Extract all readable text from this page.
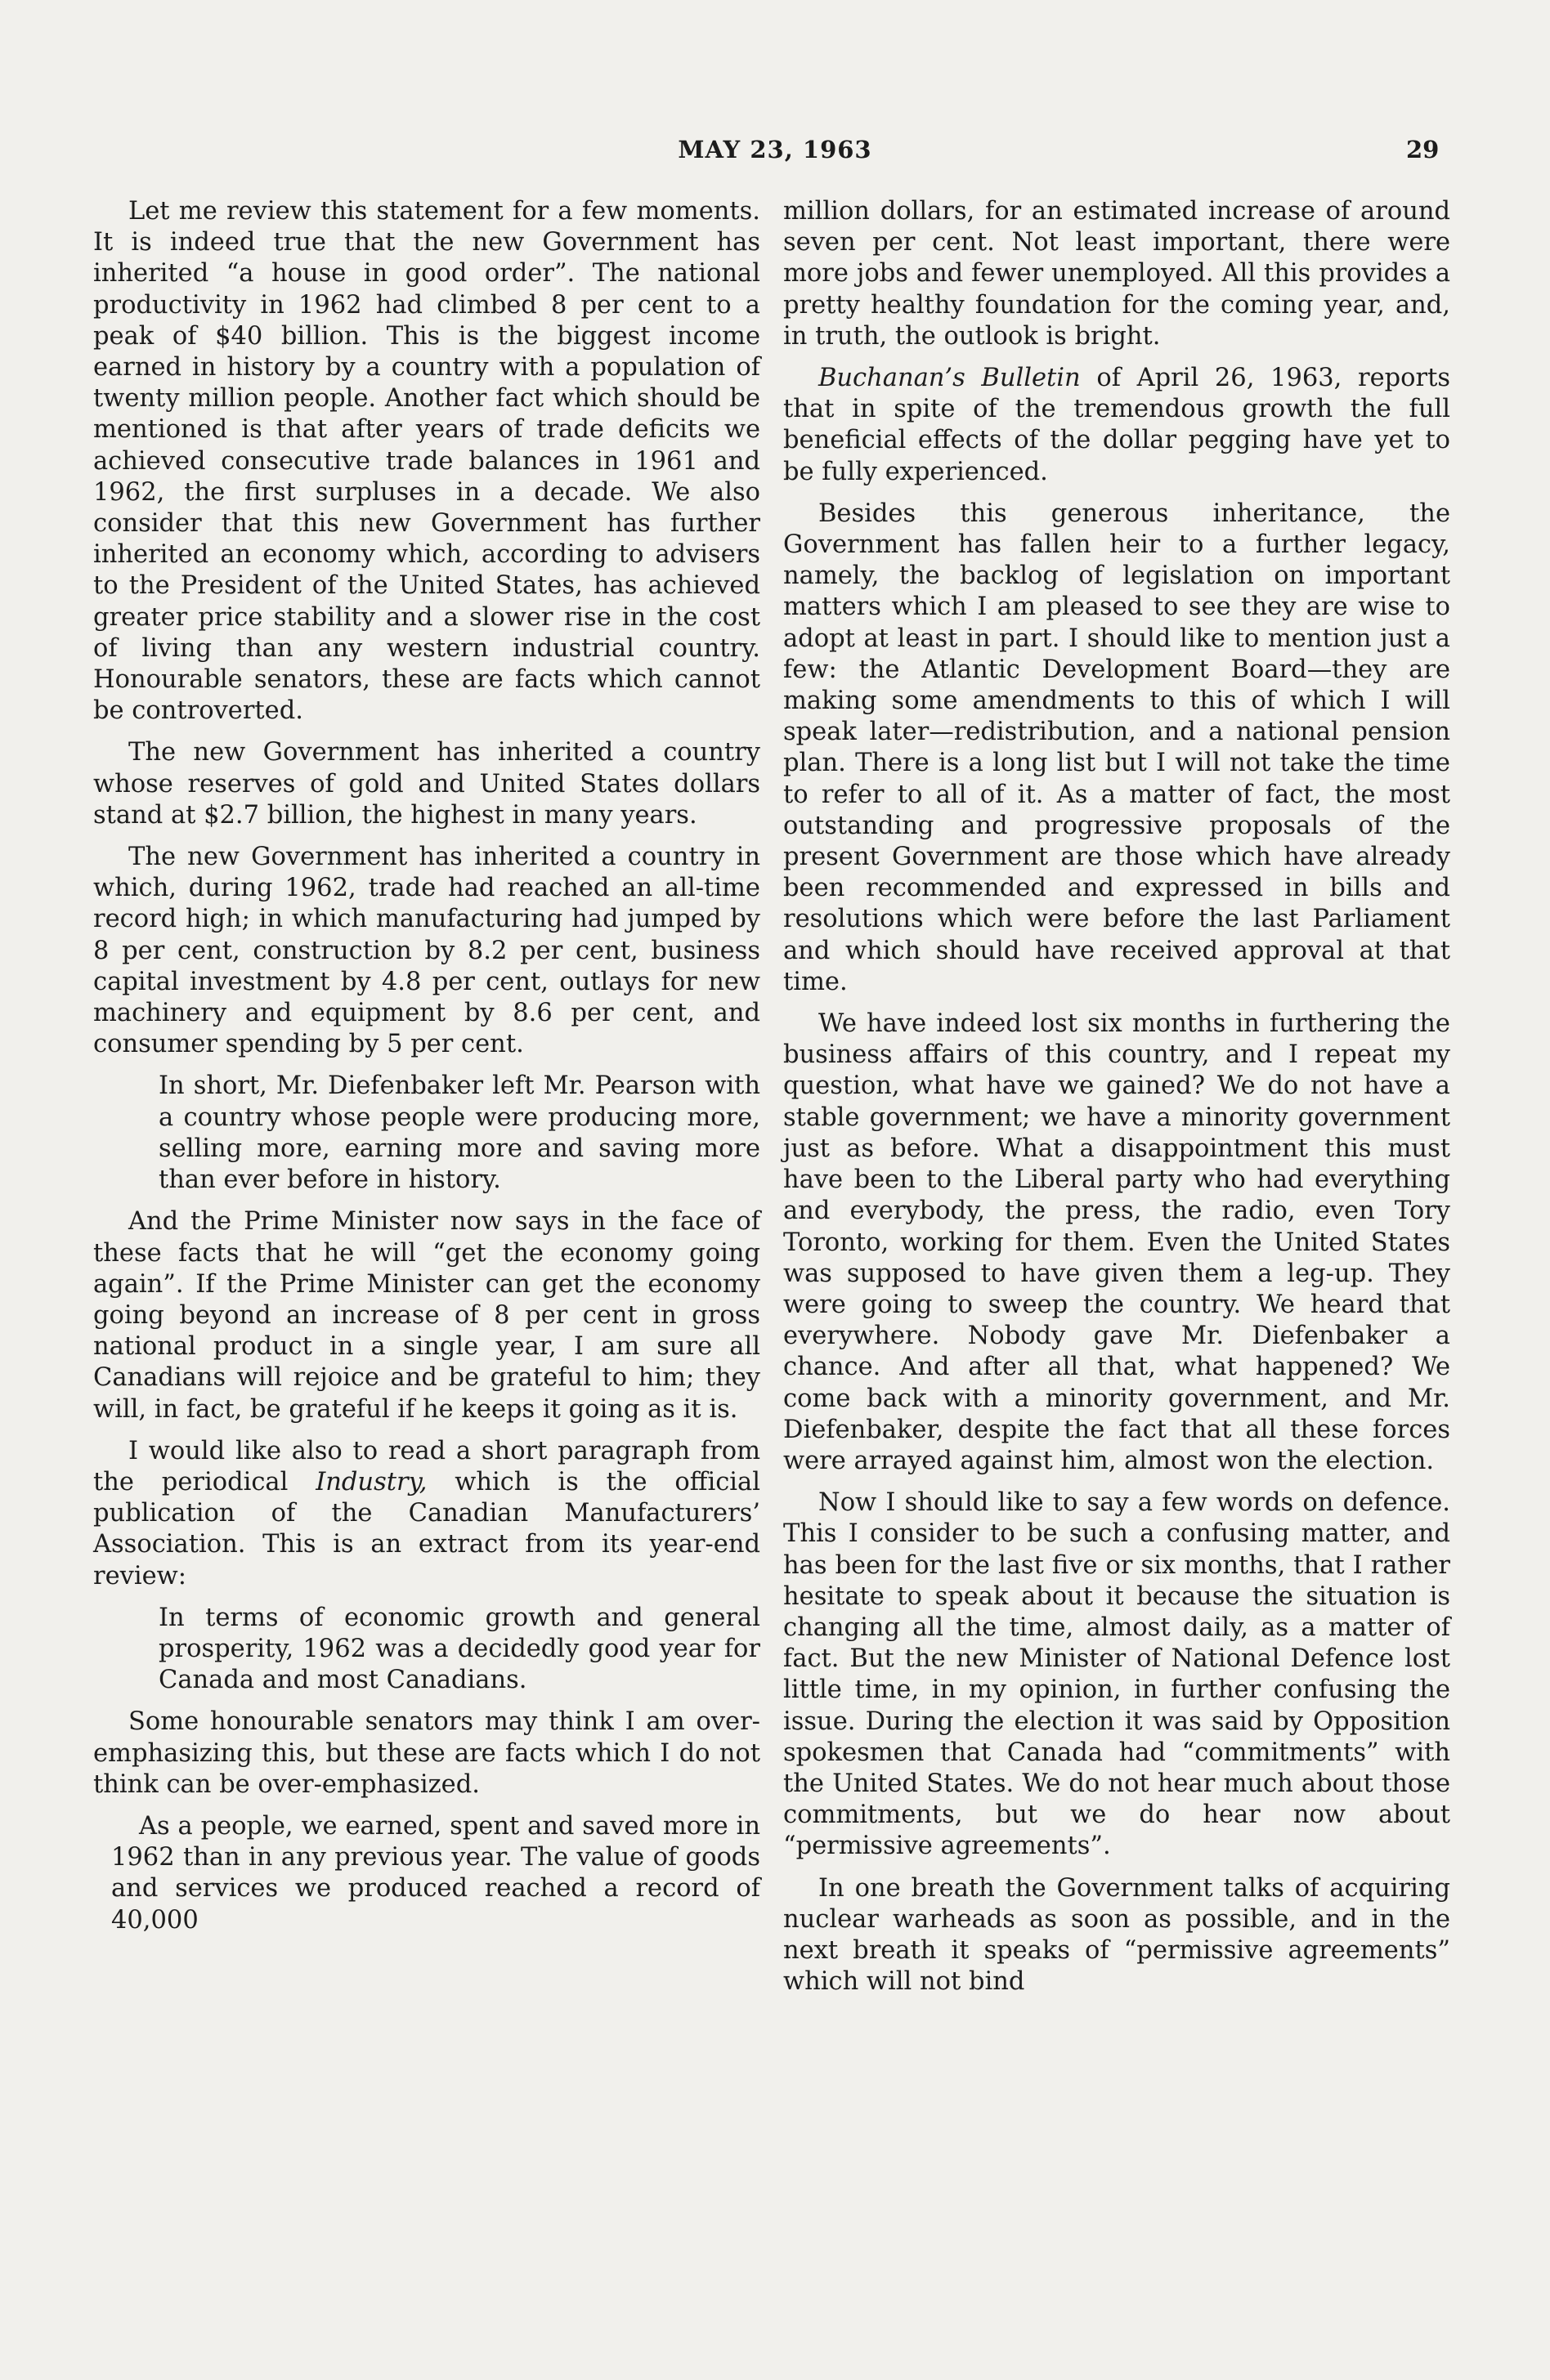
MAY 23, 1963	29

Let me review this statement for a few moments. It is indeed true that the new Government has inherited “a house in good order”. The national productivity in 1962 had climbed 8 per cent to a peak of $40 billion. This is the biggest income earned in history by a country with a population of twenty million people. Another fact which should be mentioned is that after years of trade deficits we achieved consecutive trade balances in 1961 and 1962, the first surpluses in a decade. We also consider that this new Government has further inherited an economy which, according to advisers to the President of the United States, has achieved greater price stability and a slower rise in the cost of living than any western industrial country. Honourable senators, these are facts which cannot be controverted.

The new Government has inherited a country whose reserves of gold and United States dollars stand at $2.7 billion, the highest in many years.

The new Government has inherited a country in which, during 1962, trade had reached an all-time record high; in which manufacturing had jumped by 8 per cent, construction by 8.2 per cent, business capital investment by 4.8 per cent, outlays for new machinery and equipment by 8.6 per cent, and consumer spending by 5 per cent.

In short, Mr. Diefenbaker left Mr. Pearson with a country whose people were producing more, selling more, earning more and saving more than ever before in history.

And the Prime Minister now says in the face of these facts that he will “get the economy going again”. If the Prime Minister can get the economy going beyond an increase of 8 per cent in gross national product in a single year, I am sure all Canadians will rejoice and be grateful to him; they will, in fact, be grateful if he keeps it going as it is.

I would like also to read a short paragraph from the periodical Industry, which is the official publication of the Canadian Manufacturers’ Association. This is an extract from its year-end review:

In terms of economic growth and general prosperity, 1962 was a decidedly good year for Canada and most Canadians.

Some honourable senators may think I am over-emphasizing this, but these are facts which I do not think can be over-emphasized.

As a people, we earned, spent and saved more in 1962 than in any previous year. The value of goods and services we produced reached a record of 40,000

million dollars, for an estimated increase of around seven per cent. Not least important, there were more jobs and fewer unemployed. All this provides a pretty healthy foundation for the coming year, and, in truth, the outlook is bright.

Buchanan’s Bulletin of April 26, 1963, reports that in spite of the tremendous growth the full beneficial effects of the dollar pegging have yet to be fully experienced.

Besides this generous inheritance, the Government has fallen heir to a further legacy, namely, the backlog of legislation on important matters which I am pleased to see they are wise to adopt at least in part. I should like to mention just a few: the Atlantic Development Board—they are making some amendments to this of which I will speak later—redistribution, and a national pension plan. There is a long list but I will not take the time to refer to all of it. As a matter of fact, the most outstanding and progressive proposals of the present Government are those which have already been recommended and expressed in bills and resolutions which were before the last Parliament and which should have received approval at that time.

We have indeed lost six months in furthering the business affairs of this country, and I repeat my question, what have we gained? We do not have a stable government; we have a minority government just as before. What a disappointment this must have been to the Liberal party who had everything and everybody, the press, the radio, even Tory Toronto, working for them. Even the United States was supposed to have given them a leg-up. They were going to sweep the country. We heard that everywhere. Nobody gave Mr. Diefenbaker a chance. And after all that, what happened? We come back with a minority government, and Mr. Diefenbaker, despite the fact that all these forces were arrayed against him, almost won the election.

Now I should like to say a few words on defence. This I consider to be such a confusing matter, and has been for the last five or six months, that I rather hesitate to speak about it because the situation is changing all the time, almost daily, as a matter of fact. But the new Minister of National Defence lost little time, in my opinion, in further confusing the issue. During the election it was said by Opposition spokesmen that Canada had “commitments” with the United States. We do not hear much about those commitments, but we do hear now about “permissive agreements”.

In one breath the Government talks of acquiring nuclear warheads as soon as possible, and in the next breath it speaks of “permissive agreements” which will not bind
